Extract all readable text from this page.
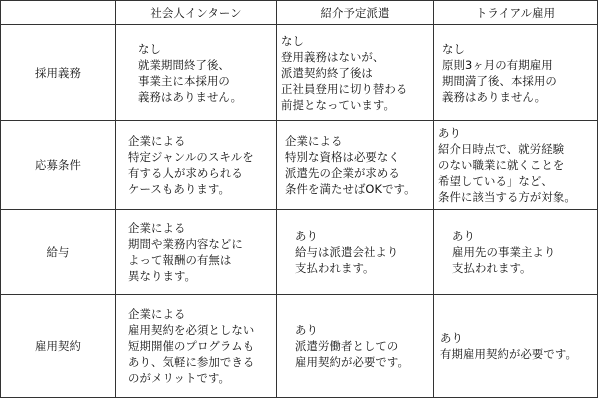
	社会人インターン	紹介予定派遣	トライアル雇用
採用義務	なし
就業期間終了後、
事業主に本採用の
義務はありません。	なし
登用義務はないが、
派遣契約終了後は
正社員登用に切り替わる
前提となっています。	なし
原則3ヶ月の有期雇用
期間満了後、本採用の
義務はありません。

応募条件	企業による
特定ジャンルのスキルを
有する人が求められる
ケースもあります。	企業による
特別な資格は必要なく
派遣先の企業が求める
条件を満たせばOKです。	あり
紹介日時点で、就労経験
のない職業に就くことを
希望している」など、
条件に該当する方が対象。

給与	企業による
期間や業務内容などに
よって報酬の有無は
異なります。	あり
給与は派遣会社より
支払われます。	あり
雇用先の事業主より
支払われます。

雇用契約	企業による
雇用契約を必須としない
短期開催のプログラムも
あり、気軽に参加できる
のがメリットです。	あり
派遣労働者としての
雇用契約が必要です。	あり
有期雇用契約が必要です。
